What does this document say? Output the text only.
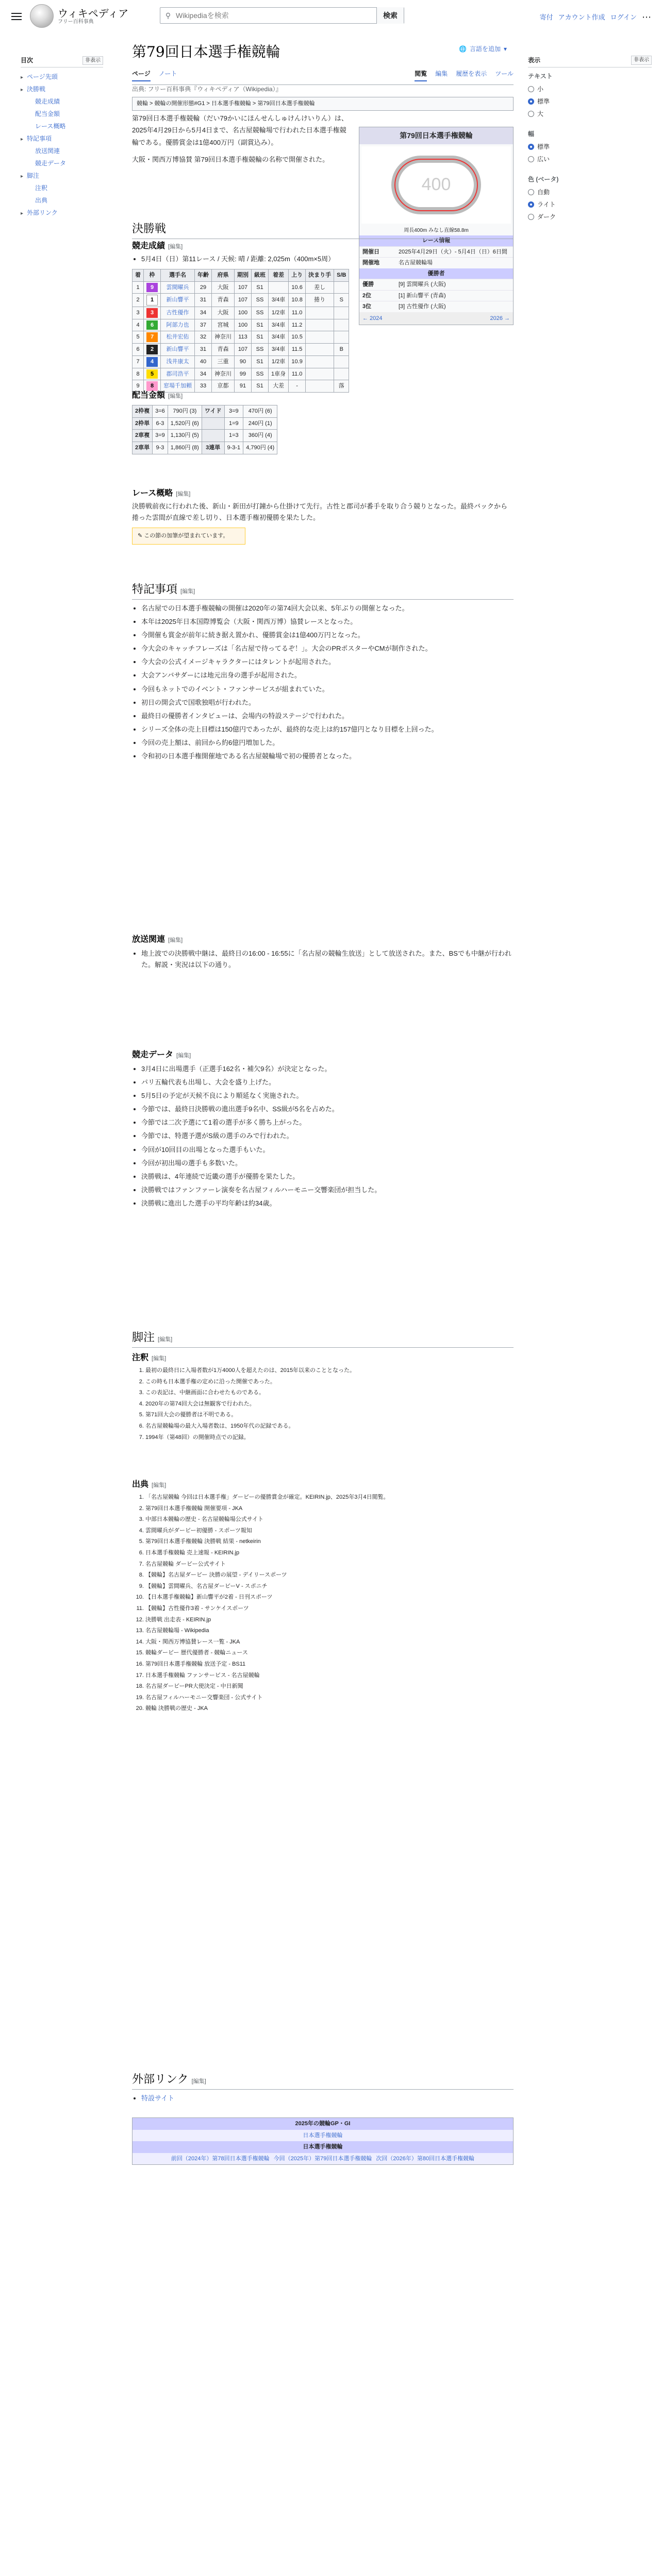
ウィキペディア
フリー百科事典
⚲
Wikipediaを検索	検索	寄付 アカウント作成 ログイン ⋯
目次	非表示
▸ ページ先頭
▸ 決勝戦
競走成績
配当金額
レース概略
▸ 特記事項
放送関連
競走データ
▸ 脚注
注釈
出典
▸ 外部リンク
第79回日本選手権競輪	🌐 言語を追加 ▾
ページ ノート	閲覧 編集 履歴を表示 ツール
出典: フリー百科事典『ウィキペディア（Wikipedia）』
競輪 > 競輪の開催形態#G1 > 日本選手権競輪 > 第79回日本選手権競輪

第79回日本選手権競輪（だい79かいにほんせんしゅけんけいりん）は、2025年4月29日から5月4日まで、名古屋競輪場で行われた日本選手権競輪である。優勝賞金は1億400万円（副賞込み）。

大阪・関西万博協賛 第79回日本選手権競輪の名称で開催された。

第79回日本選手権競輪
400
周長400m みなし直線58.8m
レース情報
開催日	2025年4月29日（火）- 5月4日（日）6日間
開催地	名古屋競輪場
優勝者
優勝	[9] 雲間曜兵 (大阪)
2位	[1] 新山響平 (青森)
3位	[3] 古性優作 (大阪)
← 2024	2026 →
表示	非表示
テキスト
小
標準
大
幅
標準
広い
色 (ベータ)
自動
ライト
ダーク
決勝戦
競走成績 [編集]
• 5月4日（日）第11レース / 天候: 晴 / 距離: 2,025m（400m×5周）
着	枠	選手名	年齢	府県	期別	級班	着差	上り	決まり手	S/B
1	9	雲間曜兵	29	大阪	107	S1		10.6	差し	
2	1	新山響平	31	青森	107	SS	3/4車	10.8	捲り	S
3	3	古性優作	34	大阪	100	SS	1/2車	11.0		
4	6	阿部力也	37	宮城	100	S1	3/4車	11.2		
5	7	松井宏佑	32	神奈川	113	S1	3/4車	10.5		
6	2	新山響平	31	青森	107	SS	3/4車	11.5		B
7	4	浅井康太	40	三重	90	S1	1/2車	10.9		
8	5	郡司浩平	34	神奈川	99	SS	1車身	11.0		
9	8	窓場千加頼	33	京都	91	S1	大差	-		落
配当金額 [編集]
2枠複	3=6	790円 (3)	ワイド	3=9	470円 (6)
2枠単	6-3	1,520円 (6)		1=9	240円 (1)
2車複	3=9	1,130円 (5)		1=3	360円 (4)
2車単	9-3	1,860円 (8)	3連単	9-3-1	4,790円 (4)
レース概略 [編集]

決勝戦前夜に行われた後、新山・新田が打鐘から仕掛けて先行。古性と郡司が番手を取り合う競りとなった。最終バックから捲った雲間が直線で差し切り、日本選手権初優勝を果たした。

✎ この節の加筆が望まれています。
特記事項 [編集]
• 名古屋での日本選手権競輪の開催は2020年の第74回大会以来、5年ぶりの開催となった。
• 本年は2025年日本国際博覧会（大阪・関西万博）協賛レースとなった。
• 今開催も賞金が前年に続き据え置かれ、優勝賞金は1億400万円となった。
• 今大会のキャッチフレーズは「名古屋で待ってるぞ！」。大会のPRポスターやCMが制作された。
• 今大会の公式イメージキャラクターにはタレントが起用された。
• 大会アンバサダーには地元出身の選手が起用された。
• 今回もネットでのイベント・ファンサービスが組まれていた。
• 初日の開会式で国歌独唱が行われた。
• 最終日の優勝者インタビューは、会場内の特設ステージで行われた。
• シリーズ全体の売上目標は150億円であったが、最終的な売上は約157億円となり目標を上回った。
• 今回の売上額は、前回から約6億円増加した。
• 令和初の日本選手権開催地である名古屋競輪場で初の優勝者となった。
放送関連 [編集]
• 地上波での決勝戦中継は、最終日の16:00 - 16:55に「名古屋の競輪生放送」として放送された。また、BSでも中継が行われた。解説・実況は以下の通り。
競走データ [編集]
• 3月4日に出場選手（正選手162名・補欠9名）が決定となった。
• パリ五輪代表も出場し、大会を盛り上げた。
• 5月5日の予定が天候不良により順延なく実施された。
• 今節では、最終日決勝戦の進出選手9名中、SS級が5名を占めた。
• 今節では二次予選にて1着の選手が多く勝ち上がった。
• 今節では、特選予選がS級の選手のみで行われた。
• 今回が10回目の出場となった選手もいた。
• 今回が初出場の選手も多数いた。
• 決勝戦は、4年連続で近畿の選手が優勝を果たした。
• 決勝戦ではファンファーレ演奏を名古屋フィルハーモニー交響楽団が担当した。
• 決勝戦に進出した選手の平均年齢は約34歳。
脚注 [編集]
注釈 [編集]
1. 最初の最終日に入場者数が1万4000人を超えたのは、2015年以来のこととなった。
2. この時も日本選手権の定めに沿った開催であった。
3. この表記は、中継画面に合わせたものである。
4. 2020年の第74回大会は無観客で行われた。
5. 第71回大会の優勝者は不明である。
6. 名古屋競輪場の最大入場者数は、1950年代の記録である。
7. 1994年（第48回）の開催時点での記録。
出典 [編集]
1. 「名古屋競輪 今回は日本選手権」ダービーの優勝賞金が確定。KEIRIN.jp、2025年3月4日閲覧。
2. 第79回日本選手権競輪 開催要項 - JKA
3. 中部日本競輪の歴史 - 名古屋競輪場公式サイト
4. 雲間曜兵がダービー初優勝 - スポーツ報知
5. 第79回日本選手権競輪 決勝戦 結果 - netkeirin
6. 日本選手権競輪 売上速報 - KEIRIN.jp
7. 名古屋競輪 ダービー公式サイト
8. 【競輪】名古屋ダービー 決勝の展望 - デイリースポーツ
9. 【競輪】雲間曜兵、名古屋ダービーV - スポニチ
10. 【日本選手権競輪】新山響平が2着 - 日刊スポーツ
11. 【競輪】古性優作3着 - サンケイスポーツ
12. 決勝戦 出走表 - KEIRIN.jp
13. 名古屋競輪場 - Wikipedia
14. 大阪・関西万博協賛レース一覧 - JKA
15. 競輪ダービー 歴代優勝者 - 競輪ニュース
16. 第79回日本選手権競輪 放送予定 - BS11
17. 日本選手権競輪 ファンサービス - 名古屋競輪
18. 名古屋ダービーPR大使決定 - 中日新聞
19. 名古屋フィルハーモニー交響楽団 - 公式サイト
20. 競輪 決勝戦の歴史 - JKA
外部リンク [編集]
• 特設サイト
2025年の競輪GP・GI
日本選手権競輪
日本選手権競輪
前回（2024年）第78回日本選手権競輪 今回（2025年）第79回日本選手権競輪 次回（2026年）第80回日本選手権競輪
